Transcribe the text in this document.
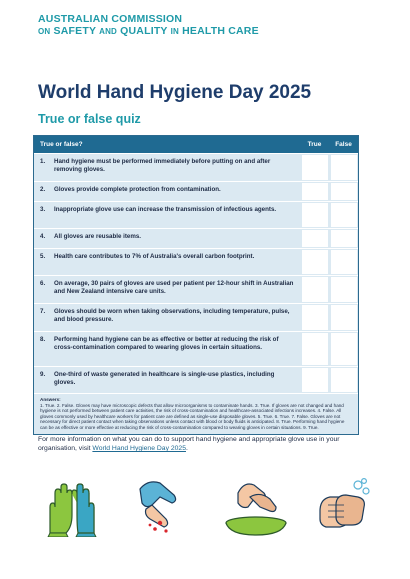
AUSTRALIAN COMMISSION
ON SAFETY AND QUALITY IN HEALTH CARE
World Hand Hygiene Day 2025
True or false quiz
True or false?	True	False
1.	Hand hygiene must be performed immediately before putting on and after removing gloves.
2.	Gloves provide complete protection from contamination.
3.	Inappropriate glove use can increase the transmission of infectious agents.
4.	All gloves are reusable items.
5.	Health care contributes to 7% of Australia's overall carbon footprint.
6.	On average, 30 pairs of gloves are used per patient per 12-hour shift in Australian and New Zealand intensive care units.
7.	Gloves should be worn when taking observations, including temperature, pulse, and blood pressure.
8.	Performing hand hygiene can be as effective or better at reducing the risk of cross-contamination compared to wearing gloves in certain situations.
9.	One-third of waste generated in healthcare is single-use plastics, including gloves.
Answers:
1. True. 2. False. Gloves may have microscopic defects that allow microorganisms to contaminate hands. 3. True. If gloves are not changed and hand hygiene is not performed between patient care activities, the risk of cross-contamination and healthcare-associated infections increases. 4. False. All gloves commonly used by healthcare workers for patient care are defined as single-use disposable gloves. 5. True. 6. True. 7. False. Gloves are not necessary for direct patient contact when taking observations unless contact with blood or body fluids is anticipated. 8. True. Performing hand hygiene can be as effective or more effective at reducing the risk of cross-contamination compared to wearing gloves in certain situations. 9. True.
For more information on what you can do to support hand hygiene and appropriate glove use in your organisation, visit World Hand Hygiene Day 2025.
